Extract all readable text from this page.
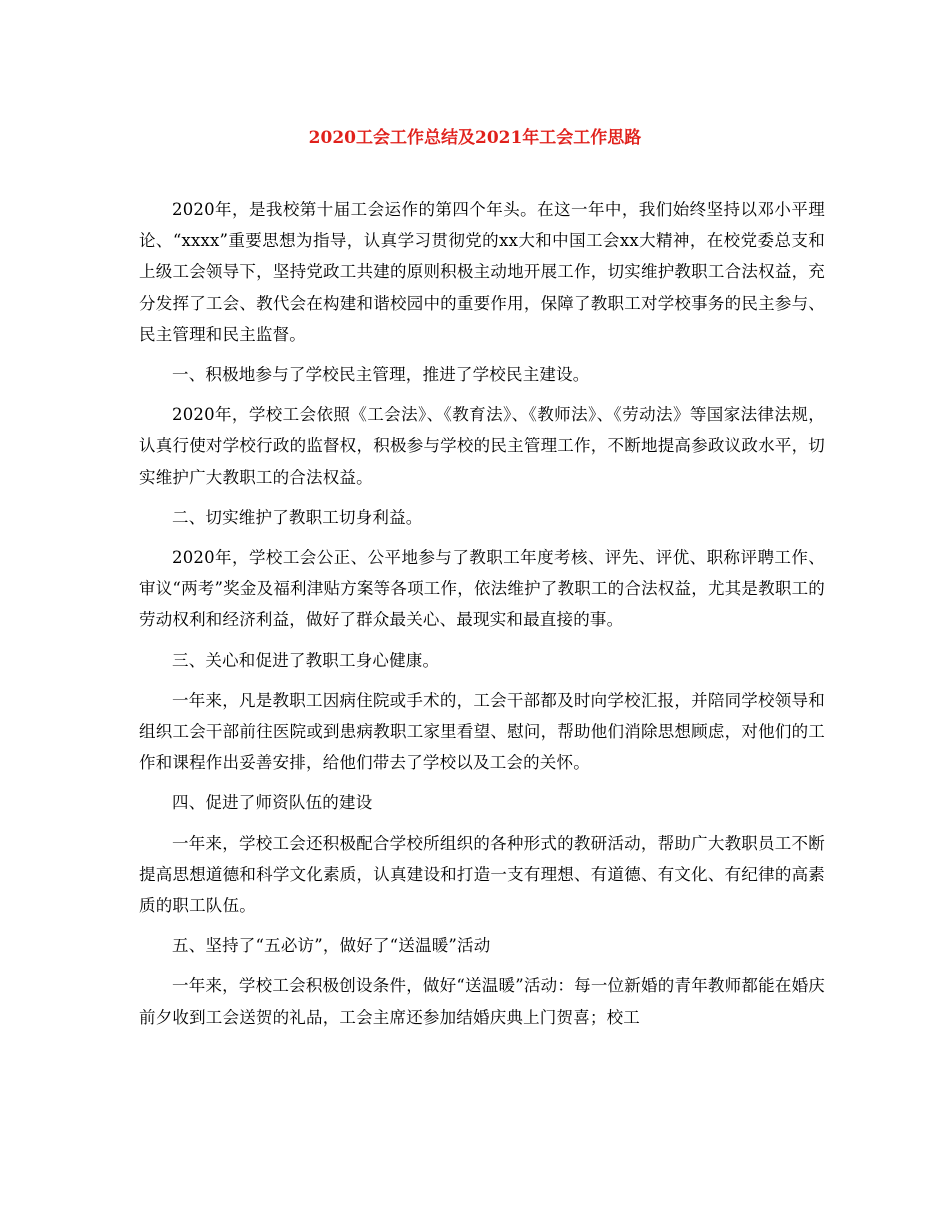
2020工会工作总结及2021年工会工作思路

2020年，是我校第十届工会运作的第四个年头。在这一年中，我们始终坚持以邓小平理论、“xxxx”重要思想为指导，认真学习贯彻党的xx大和中国工会xx大精神，在校党委总支和上级工会领导下，坚持党政工共建的原则积极主动地开展工作，切实维护教职工合法权益，充分发挥了工会、教代会在构建和谐校园中的重要作用，保障了教职工对学校事务的民主参与、民主管理和民主监督。

一、积极地参与了学校民主管理，推进了学校民主建设。

2020年，学校工会依照《工会法》、《教育法》、《教师法》、《劳动法》等国家法律法规，认真行使对学校行政的监督权，积极参与学校的民主管理工作，不断地提高参政议政水平，切实维护广大教职工的合法权益。

二、切实维护了教职工切身利益。

2020年，学校工会公正、公平地参与了教职工年度考核、评先、评优、职称评聘工作、审议“两考”奖金及福利津贴方案等各项工作，依法维护了教职工的合法权益，尤其是教职工的劳动权利和经济利益，做好了群众最关心、最现实和最直接的事。

三、关心和促进了教职工身心健康。

一年来，凡是教职工因病住院或手术的，工会干部都及时向学校汇报，并陪同学校领导和组织工会干部前往医院或到患病教职工家里看望、慰问，帮助他们消除思想顾虑，对他们的工作和课程作出妥善安排，给他们带去了学校以及工会的关怀。

四、促进了师资队伍的建设

一年来，学校工会还积极配合学校所组织的各种形式的教研活动，帮助广大教职员工不断提高思想道德和科学文化素质，认真建设和打造一支有理想、有道德、有文化、有纪律的高素质的职工队伍。

五、坚持了“五必访”，做好了“送温暖”活动

一年来，学校工会积极创设条件，做好“送温暖”活动：每一位新婚的青年教师都能在婚庆前夕收到工会送贺的礼品，工会主席还参加结婚庆典上门贺喜；校工
